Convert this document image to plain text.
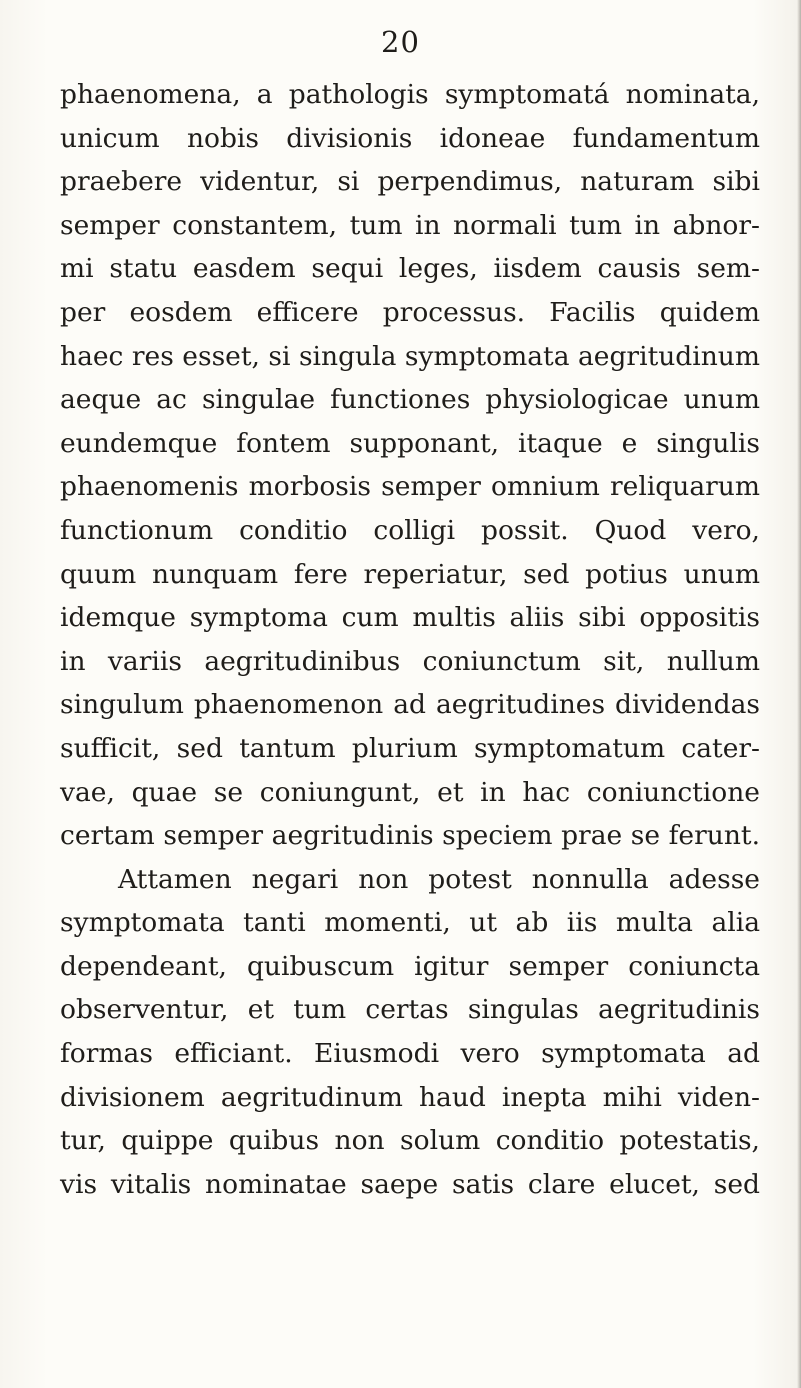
20
phaenomena, a pathologis symptomatá nominata,
unicum nobis divisionis idoneae fundamentum
praebere videntur, si perpendimus, naturam sibi
semper constantem, tum in normali tum in abnor-
mi statu easdem sequi leges, iisdem causis sem-
per eosdem efficere processus. Facilis quidem
haec res esset, si singula symptomata aegritudinum
aeque ac singulae functiones physiologicae unum
eundemque fontem supponant, itaque e singulis
phaenomenis morbosis semper omnium reliquarum
functionum conditio colligi possit. Quod vero,
quum nunquam fere reperiatur, sed potius unum
idemque symptoma cum multis aliis sibi oppositis
in variis aegritudinibus coniunctum sit, nullum
singulum phaenomenon ad aegritudines dividendas
sufficit, sed tantum plurium symptomatum cater-
vae, quae se coniungunt, et in hac coniunctione
certam semper aegritudinis speciem prae se ferunt.
Attamen negari non potest nonnulla adesse
symptomata tanti momenti, ut ab iis multa alia
dependeant, quibuscum igitur semper coniuncta
observentur, et tum certas singulas aegritudinis
formas efficiant. Eiusmodi vero symptomata ad
divisionem aegritudinum haud inepta mihi viden-
tur, quippe quibus non solum conditio potestatis,
vis vitalis nominatae saepe satis clare elucet, sed
